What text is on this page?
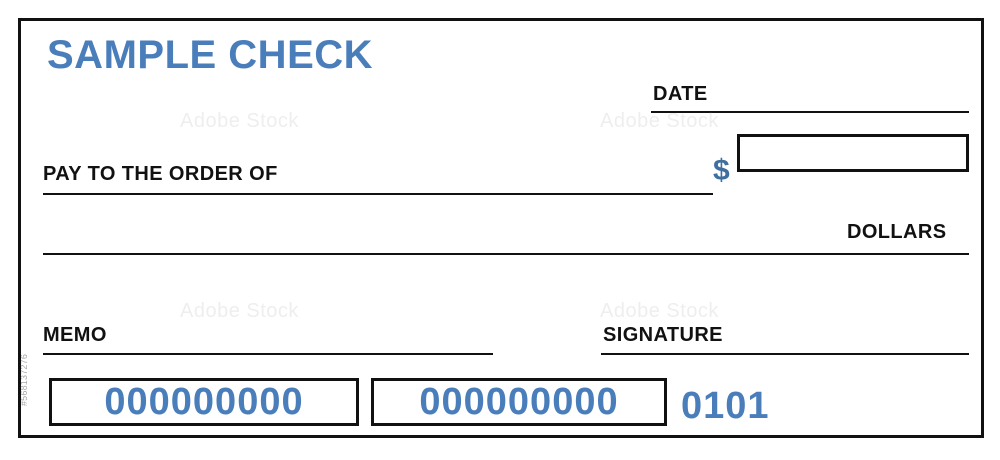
#568137276
SAMPLE CHECK
DATE
PAY TO THE ORDER OF	$
DOLLARS
MEMO	SIGNATURE
000000000	000000000 0101
Adobe Stock	Adobe Stock
Adobe Stock	Adobe Stock
